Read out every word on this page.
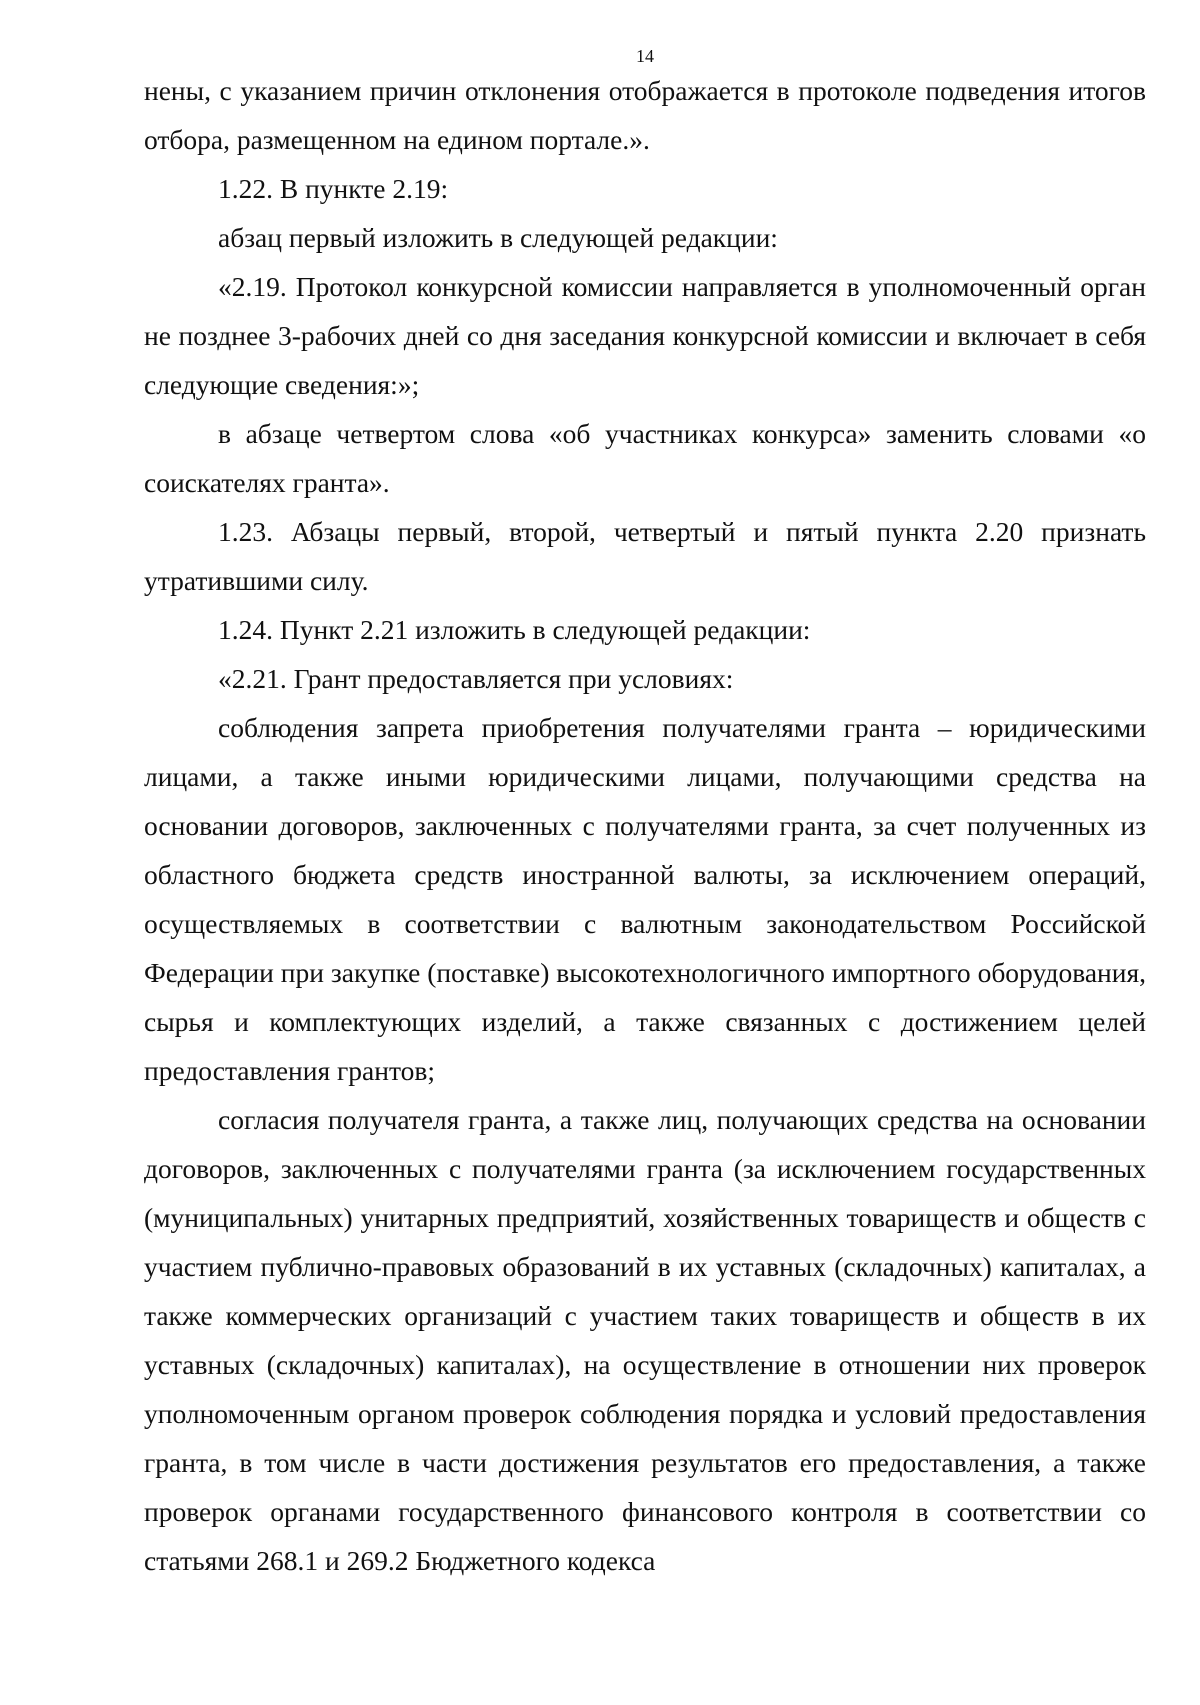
14

нены, с указанием причин отклонения отображается в протоколе подведения итогов отбора, размещенном на едином портале.».

1.22. В пункте 2.19:

абзац первый изложить в следующей редакции:

«2.19. Протокол конкурсной комиссии направляется в уполномоченный орган не позднее 3-рабочих дней со дня заседания конкурсной комиссии и включает в себя следующие сведения:»;

в абзаце четвертом слова «об участниках конкурса» заменить словами «о соискателях гранта».

1.23. Абзацы первый, второй, четвертый и пятый пункта 2.20 признать утратившими силу.

1.24. Пункт 2.21 изложить в следующей редакции:

«2.21. Грант предоставляется при условиях:

соблюдения запрета приобретения получателями гранта – юридическими лицами, а также иными юридическими лицами, получающими средства на основании договоров, заключенных с получателями гранта, за счет полученных из областного бюджета средств иностранной валюты, за исключением операций, осуществляемых в соответствии с валютным законодательством Российской Федерации при закупке (поставке) высокотехнологичного импортного оборудования, сырья и комплектующих изделий, а также связанных с достижением целей предоставления грантов;

согласия получателя гранта, а также лиц, получающих средства на основании договоров, заключенных с получателями гранта (за исключением государственных (муниципальных) унитарных предприятий, хозяйственных товариществ и обществ с участием публично-правовых образований в их уставных (складочных) капиталах, а также коммерческих организаций с участием таких товариществ и обществ в их уставных (складочных) капиталах), на осуществление в отношении них проверок уполномоченным органом проверок соблюдения порядка и условий предоставления гранта, в том числе в части достижения результатов его предоставления, а также проверок органами государственного финансового контроля в соответствии со статьями 268.1 и 269.2 Бюджетного кодекса
